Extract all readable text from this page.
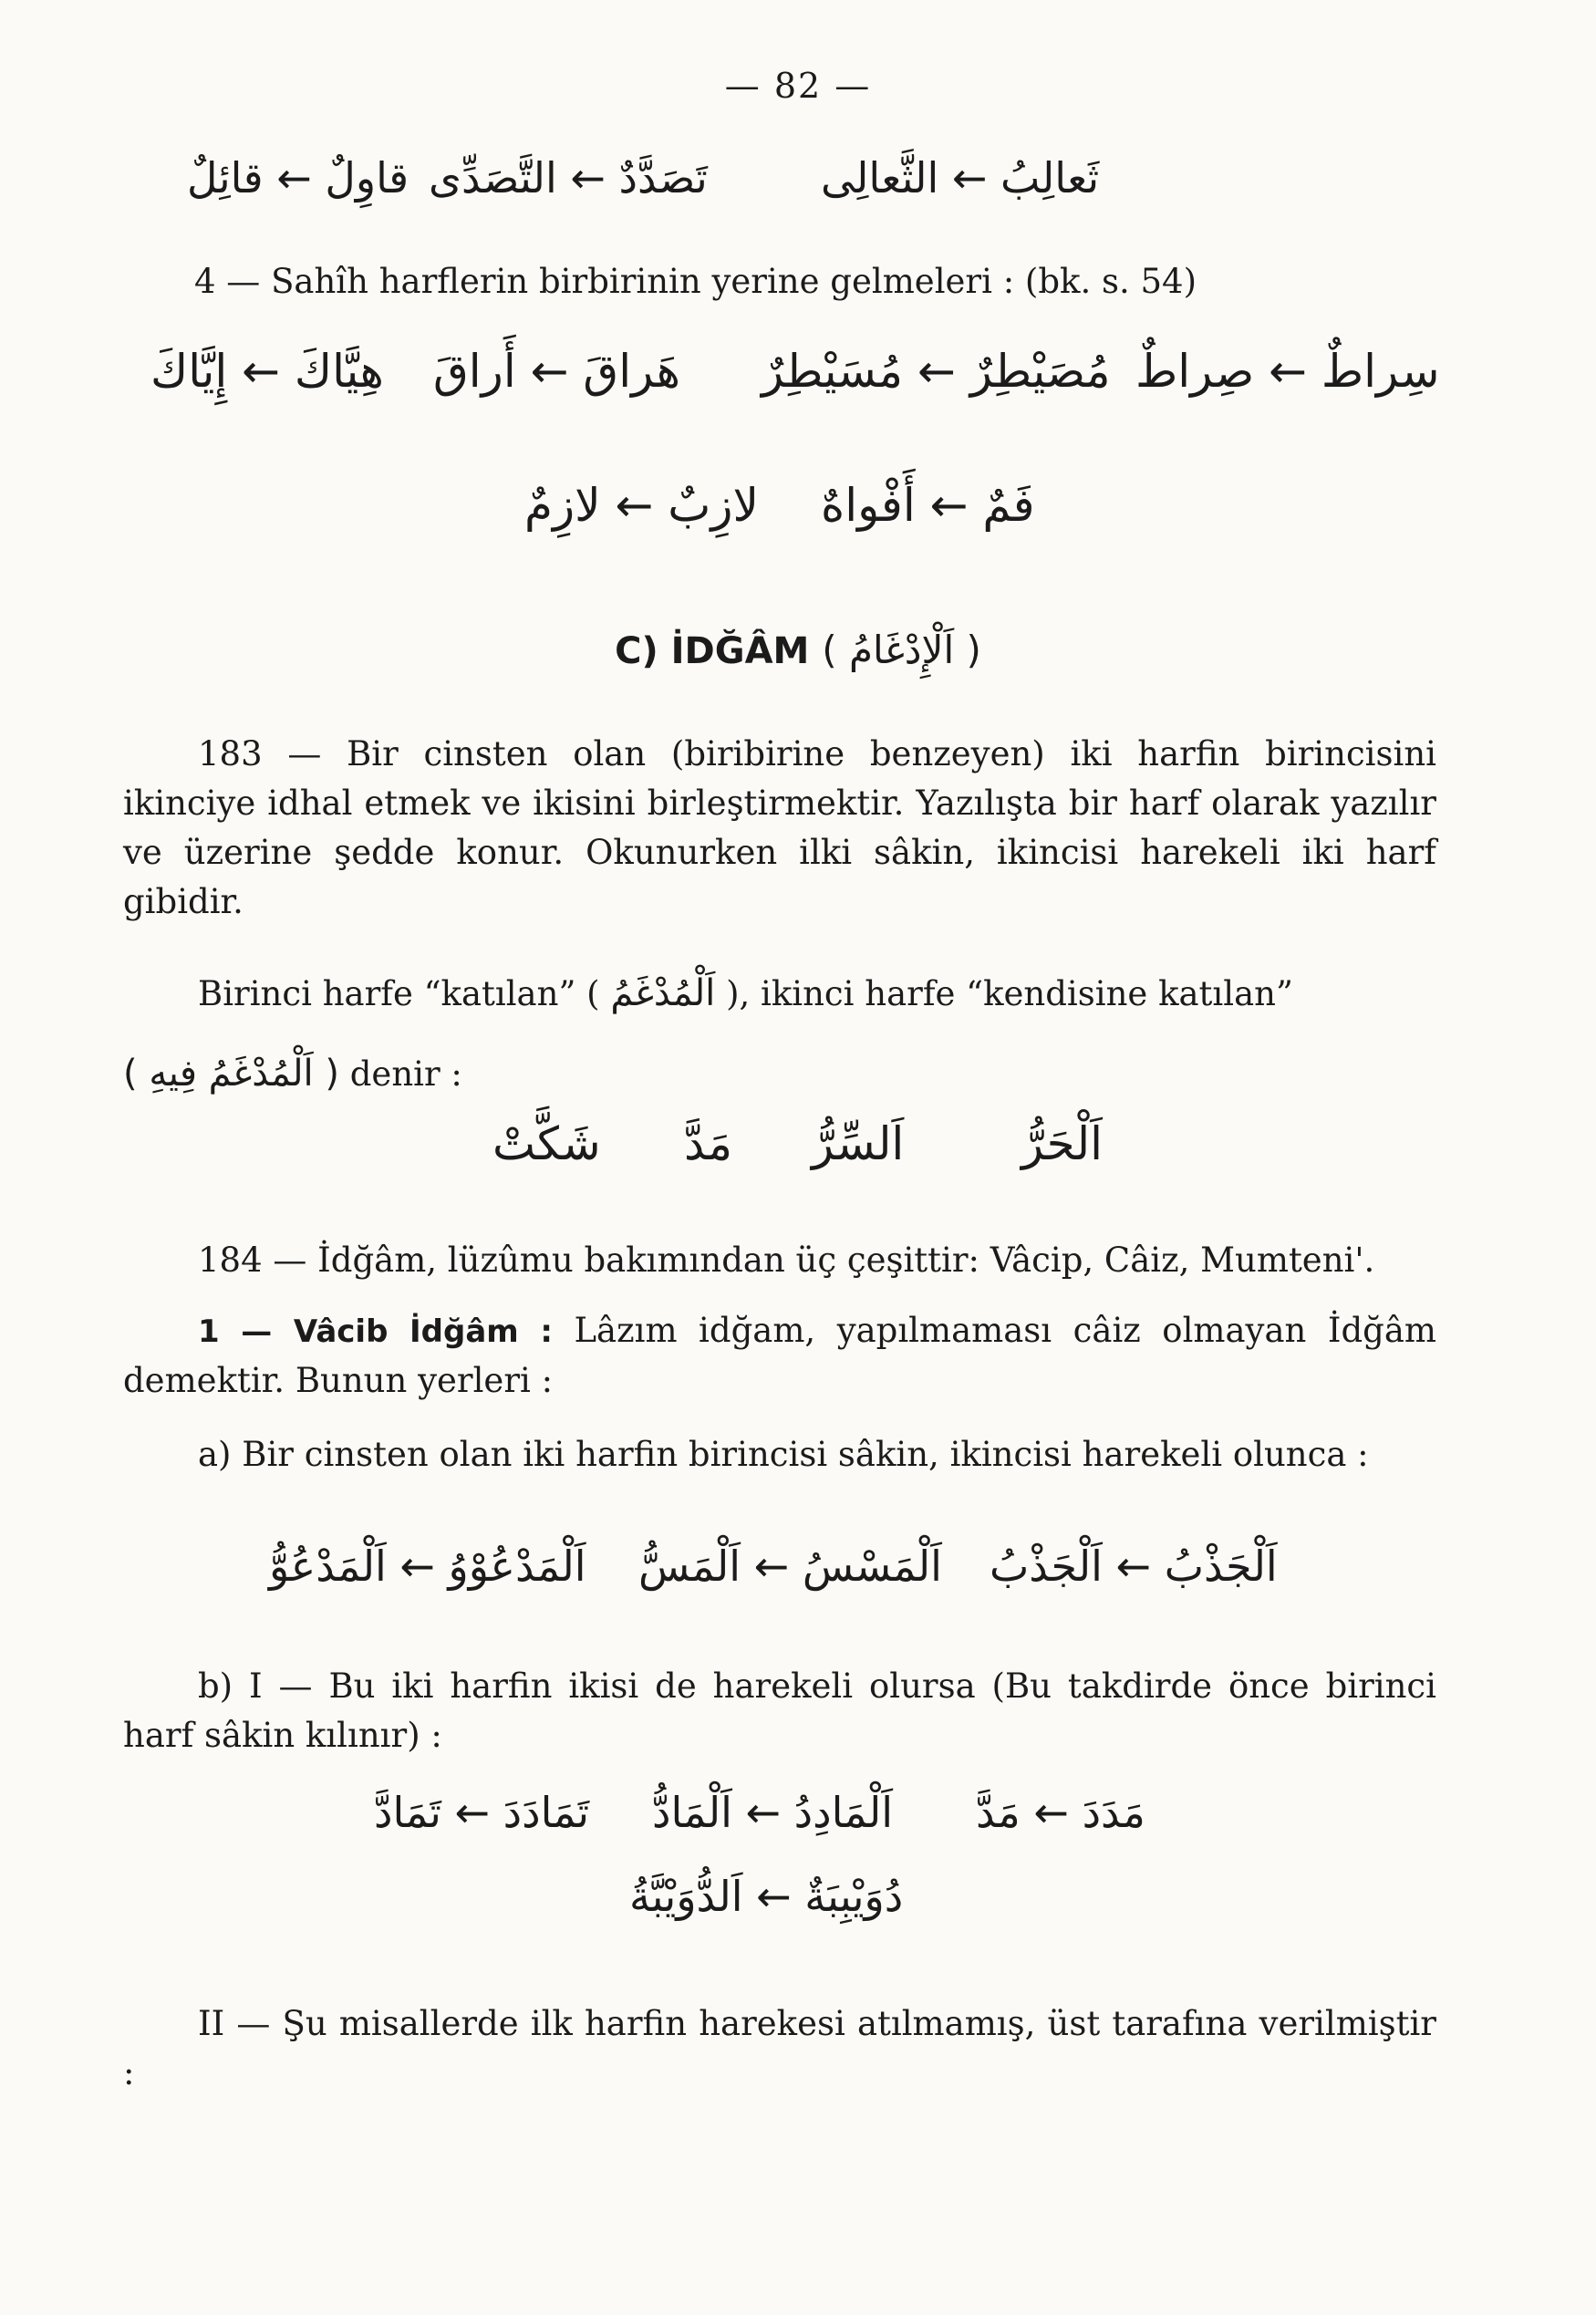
— 82 —
قاوِلٌ ← قائِلٌ تَصَدَّدٌ ← التَّصَدِّى	ثَعالِبُ ← الثَّعالِى
4 — Sahîh harflerin birbirinin yerine gelmeleri : (bk. s. 54)
هِيَّاكَ ← إِيَّاكَ هَراقَ ← أَراقَ مُصَيْطِرٌ ← مُسَيْطِرٌ سِراطٌ ← صِراطٌ
لازِبٌ ← لازِمٌ فَمٌ ← أَفْواهٌ
C) İDĞÂM ( اَلْإِدْغَامُ )
183 — Bir cinsten olan (biribirine benzeyen) iki harfin birincisini ikinciye idhal etmek ve ikisini birleştirmektir. Yazılışta bir harf olarak yazılır ve üzerine şedde konur. Okunurken ilki sâkin, ikincisi harekeli iki harf gibidir.
Birinci harfe “katılan” ( اَلْمُدْغَمُ ), ikinci harfe “kendisine katılan”
( اَلْمُدْغَمُ فِيهِ ) denir :
شَكَّتْ مَدَّ اَلسِّرُّ	اَلْحَرُّ
184 — İdğâm, lüzûmu bakımından üç çeşittir: Vâcip, Câiz, Mumteni'.
1 — Vâcib İdğâm : Lâzım idğam, yapılmaması câiz olmayan İdğâm demektir. Bunun yerleri :
a) Bir cinsten olan iki harfin birincisi sâkin, ikincisi harekeli olunca :
اَلْمَدْعُوْوُ ← اَلْمَدْعُوُّ اَلْمَسْسُ ← اَلْمَسُّ اَلْجَذْبُ ← اَلْجَذْبُ
b) I — Bu iki harfin ikisi de harekeli olursa (Bu takdirde önce birinci harf sâkin kılınır) :
تَمَادَدَ ← تَمَادَّ اَلْمَادِدُ ← اَلْمَادُّ مَدَدَ ← مَدَّ
دُوَيْبِبَةٌ ← اَلدُّوَيْبَّةُ
II — Şu misallerde ilk harfin harekesi atılmamış, üst tarafına verilmiştir :
